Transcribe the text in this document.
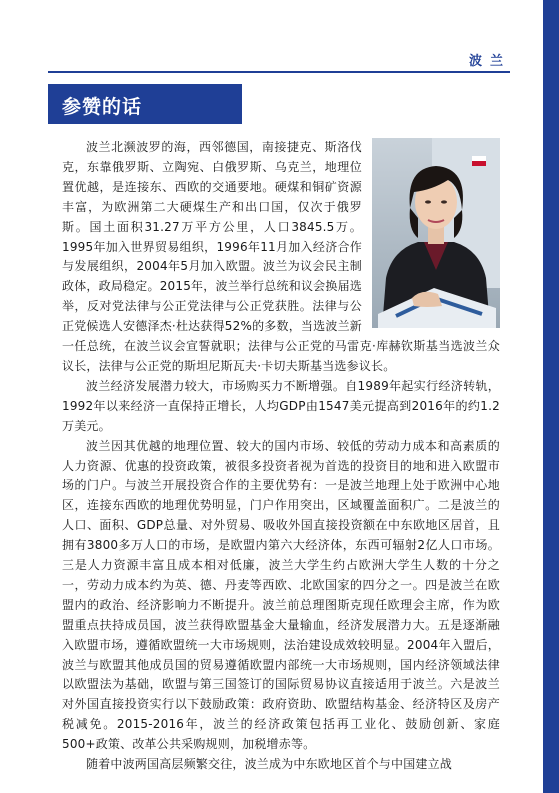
波兰
参赞的话

波兰北濒波罗的海，西邻德国，南接捷克、斯洛伐克，东靠俄罗斯、立陶宛、白俄罗斯、乌克兰，地理位置优越，是连接东、西欧的交通要地。硬煤和铜矿资源丰富，为欧洲第二大硬煤生产和出口国，仅次于俄罗斯。国土面积31.27万平方公里，人口3845.5万。1995年加入世界贸易组织，1996年11月加入经济合作与发展组织，2004年5月加入欧盟。波兰为议会民主制政体，政局稳定。2015年，波兰举行总统和议会换届选举，反对党法律与公正党法律与公正党获胜。法律与公正党候选人安德泽杰·杜达获得52%的多数，当选波兰新一任总统，在波兰议会宣誓就职；法律与公正党的马雷克·库赫钦斯基当选波兰众议长，法律与公正党的斯坦尼斯瓦夫·卡切夫斯基当选参议长。

波兰经济发展潜力较大，市场购买力不断增强。自1989年起实行经济转轨，1992年以来经济一直保持正增长，人均GDP由1547美元提高到2016年的约1.2万美元。

波兰因其优越的地理位置、较大的国内市场、较低的劳动力成本和高素质的人力资源、优惠的投资政策，被很多投资者视为首选的投资目的地和进入欧盟市场的门户。与波兰开展投资合作的主要优势有：一是波兰地理上处于欧洲中心地区，连接东西欧的地理优势明显，门户作用突出，区域覆盖面积广。二是波兰的人口、面积、GDP总量、对外贸易、吸收外国直接投资额在中东欧地区居首，且拥有3800多万人口的市场，是欧盟内第六大经济体，东西可辐射2亿人口市场。三是人力资源丰富且成本相对低廉，波兰大学生约占欧洲大学生人数的十分之一，劳动力成本约为英、德、丹麦等西欧、北欧国家的四分之一。四是波兰在欧盟内的政治、经济影响力不断提升。波兰前总理图斯克现任欧理会主席，作为欧盟重点扶持成员国，波兰获得欧盟基金大量输血，经济发展潜力大。五是逐渐融入欧盟市场，遵循欧盟统一大市场规则，法治建设成效较明显。2004年入盟后，波兰与欧盟其他成员国的贸易遵循欧盟内部统一大市场规则，国内经济领域法律以欧盟法为基础，欧盟与第三国签订的国际贸易协议直接适用于波兰。六是波兰对外国直接投资实行以下鼓励政策：政府资助、欧盟结构基金、经济特区及房产税减免。2015-2016年，波兰的经济政策包括再工业化、鼓励创新、家庭500+政策、改革公共采购规则，加税增赤等。

随着中波两国高层频繁交往，波兰成为中东欧地区首个与中国建立战
